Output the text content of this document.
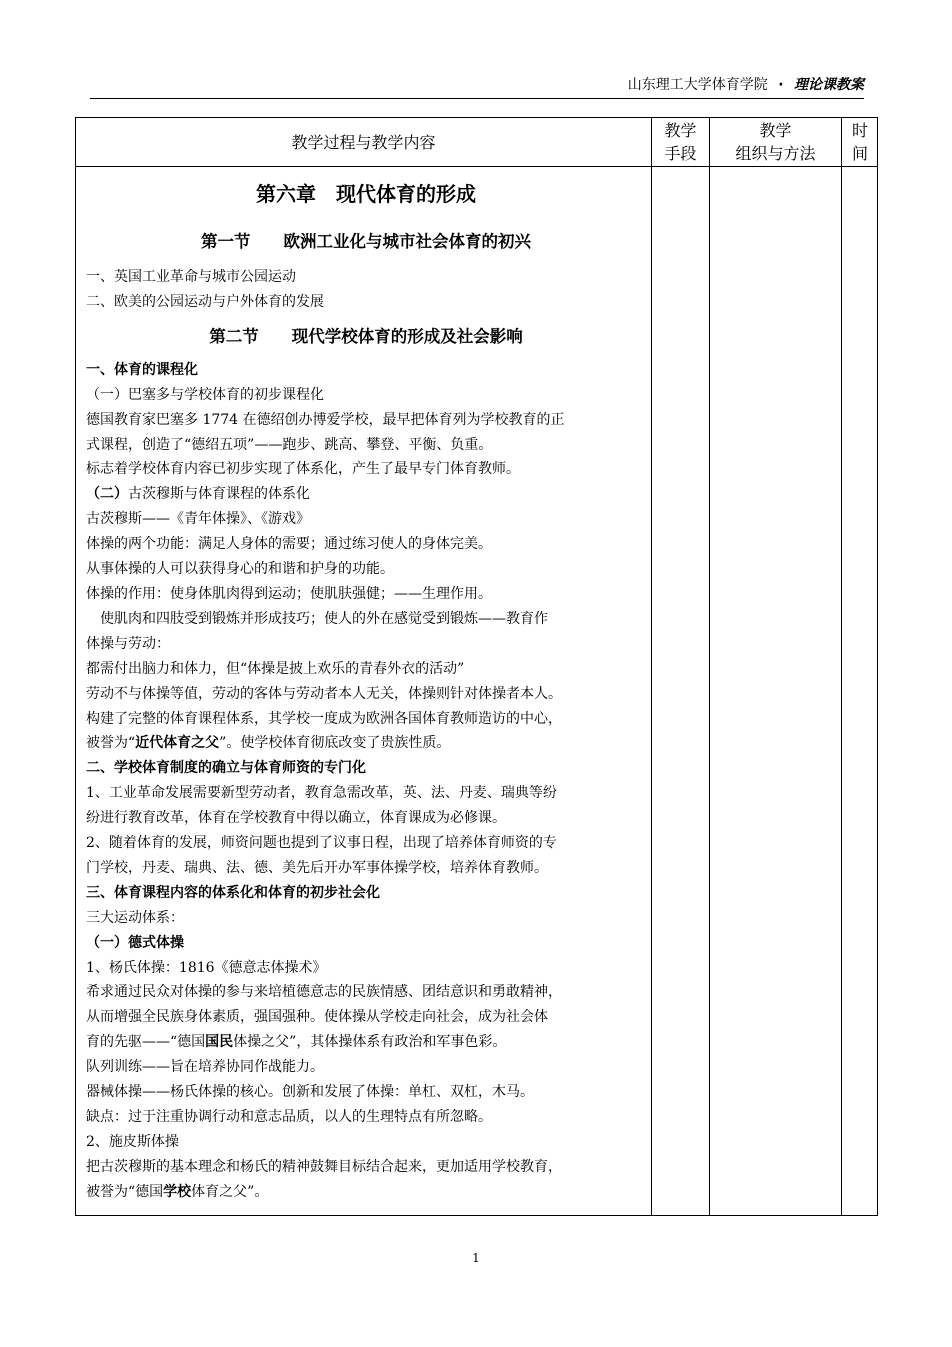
山东理工大学体育学院 · 理论课教案
教学过程与教学内容
教学
手段
教学
组织与方法
时
间
第六章　现代体育的形成
第一节　　欧洲工业化与城市社会体育的初兴
一、英国工业革命与城市公园运动
二、欧美的公园运动与户外体育的发展
第二节　　现代学校体育的形成及社会影响
一、体育的课程化
（一）巴塞多与学校体育的初步课程化
德国教育家巴塞多 1774 在德绍创办博爱学校，最早把体育列为学校教育的正
式课程，创造了“德绍五项”——跑步、跳高、攀登、平衡、负重。
标志着学校体育内容已初步实现了体系化，产生了最早专门体育教师。
（二）古茨穆斯与体育课程的体系化
古茨穆斯——《青年体操》、《游戏》
体操的两个功能：满足人身体的需要；通过练习使人的身体完美。
从事体操的人可以获得身心的和谐和护身的功能。
体操的作用：使身体肌肉得到运动；使肌肤强健；——生理作用。
使肌肉和四肢受到锻炼并形成技巧；使人的外在感觉受到锻炼——教育作
体操与劳动：
都需付出脑力和体力，但“体操是披上欢乐的青春外衣的活动”
劳动不与体操等值，劳动的客体与劳动者本人无关，体操则针对体操者本人。
构建了完整的体育课程体系，其学校一度成为欧洲各国体育教师造访的中心，
被誉为“近代体育之父”。使学校体育彻底改变了贵族性质。
二、学校体育制度的确立与体育师资的专门化
1、工业革命发展需要新型劳动者，教育急需改革，英、法、丹麦、瑞典等纷
纷进行教育改革，体育在学校教育中得以确立，体育课成为必修课。
2、随着体育的发展，师资问题也提到了议事日程，出现了培养体育师资的专
门学校，丹麦、瑞典、法、德、美先后开办军事体操学校，培养体育教师。
三、体育课程内容的体系化和体育的初步社会化
三大运动体系：
（一）德式体操
1、杨氏体操：1816《德意志体操术》
希求通过民众对体操的参与来培植德意志的民族情感、团结意识和勇敢精神，
从而增强全民族身体素质，强国强种。使体操从学校走向社会，成为社会体
育的先驱——“德国国民体操之父”，其体操体系有政治和军事色彩。
队列训练——旨在培养协同作战能力。
器械体操——杨氏体操的核心。创新和发展了体操：单杠、双杠，木马。
缺点：过于注重协调行动和意志品质，以人的生理特点有所忽略。
2、施皮斯体操
把古茨穆斯的基本理念和杨氏的精神鼓舞目标结合起来，更加适用学校教育，
被誉为“德国学校体育之父”。
1
